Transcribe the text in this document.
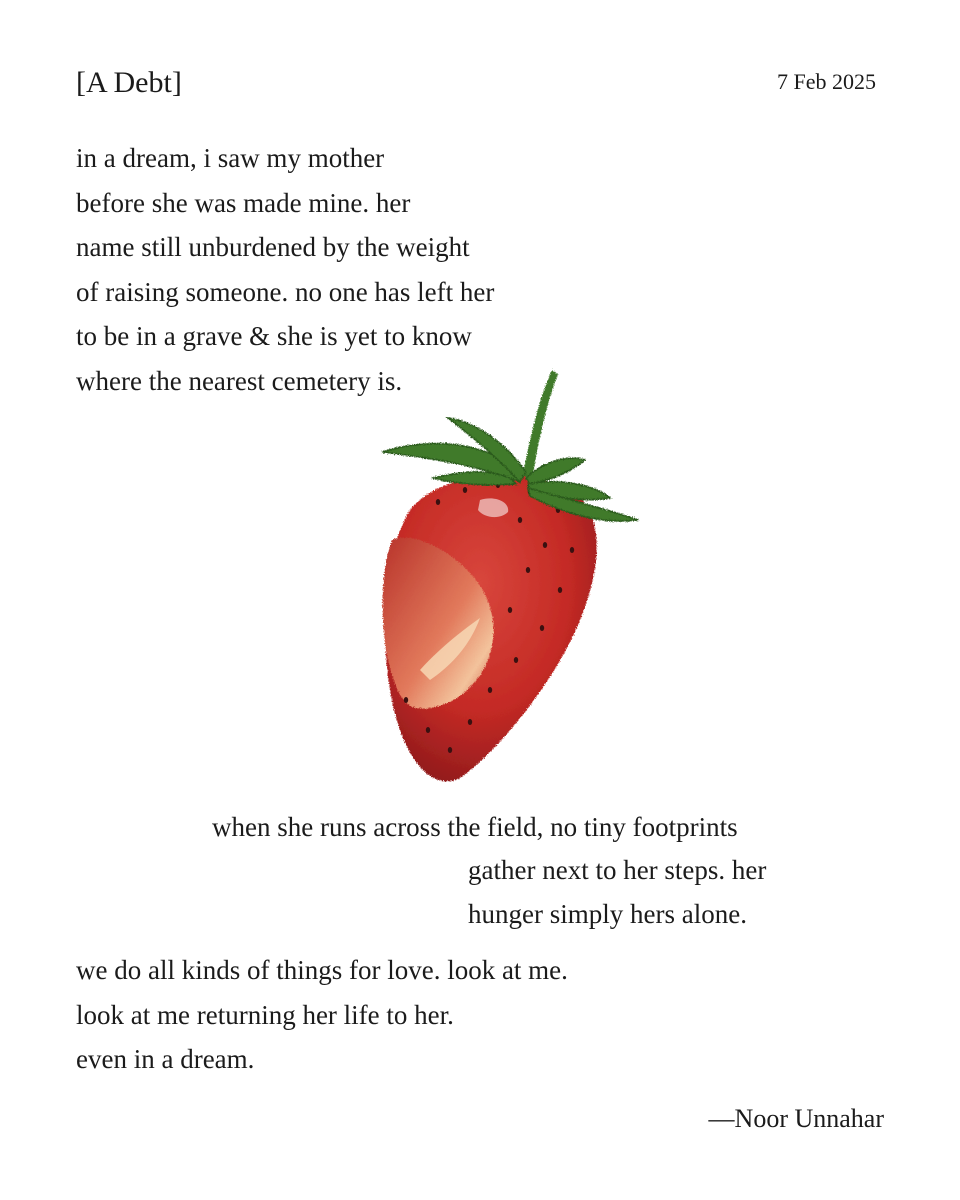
[A Debt]	7 Feb 2025
in a dream, i saw my mother
before she was made mine. her
name still unburdened by the weight
of raising someone. no one has left her
to be in a grave & she is yet to know
where the nearest cemetery is.
when she runs across the field, no tiny footprints
gather next to her steps. her
hunger simply hers alone.
we do all kinds of things for love. look at me.
look at me returning her life to her.
even in a dream.
—Noor Unnahar
